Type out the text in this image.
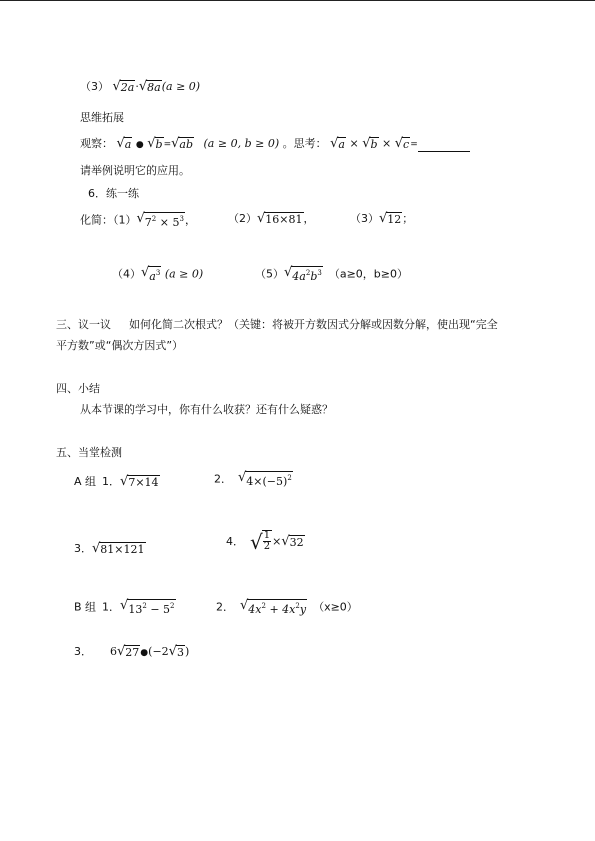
（3） √ 2a · √ 8a (a ≥ 0)
思维拓展
观察： √ a ● √ b = √ ab (a ≥ 0, b ≥ 0) 。思考： √ a × √ b × √ c =
请举例说明它的应用。
6．练一练
化简：（1） √ $7^2 \times 5^3$ ，	（2） √ 16×81 ，	（3） √ 12 ；
（4） √ $a^3$ (a ≥ 0)	（5） √ $4a^2b^3$ （a≥0，b≥0）
三、议一议 如何化简二次根式？（关键：将被开方数因式分解或因数分解，使出现“完全
平方数”或“偶次方因式”）
四、小结
从本节课的学习中，你有什么收获？还有什么疑惑？
五、当堂检测
A 组 1． √ 7×14	2． √ $4\times(-5)^2$
3． √ 81×121
4． √ $\frac{1}{2}$ × √ 32
B 组 1． √ $13^2 - 5^2$	2． √ $4x^2 + 4x^2y$ （x≥0）
3． 6 √ 27 ●(−2 √ 3 )
